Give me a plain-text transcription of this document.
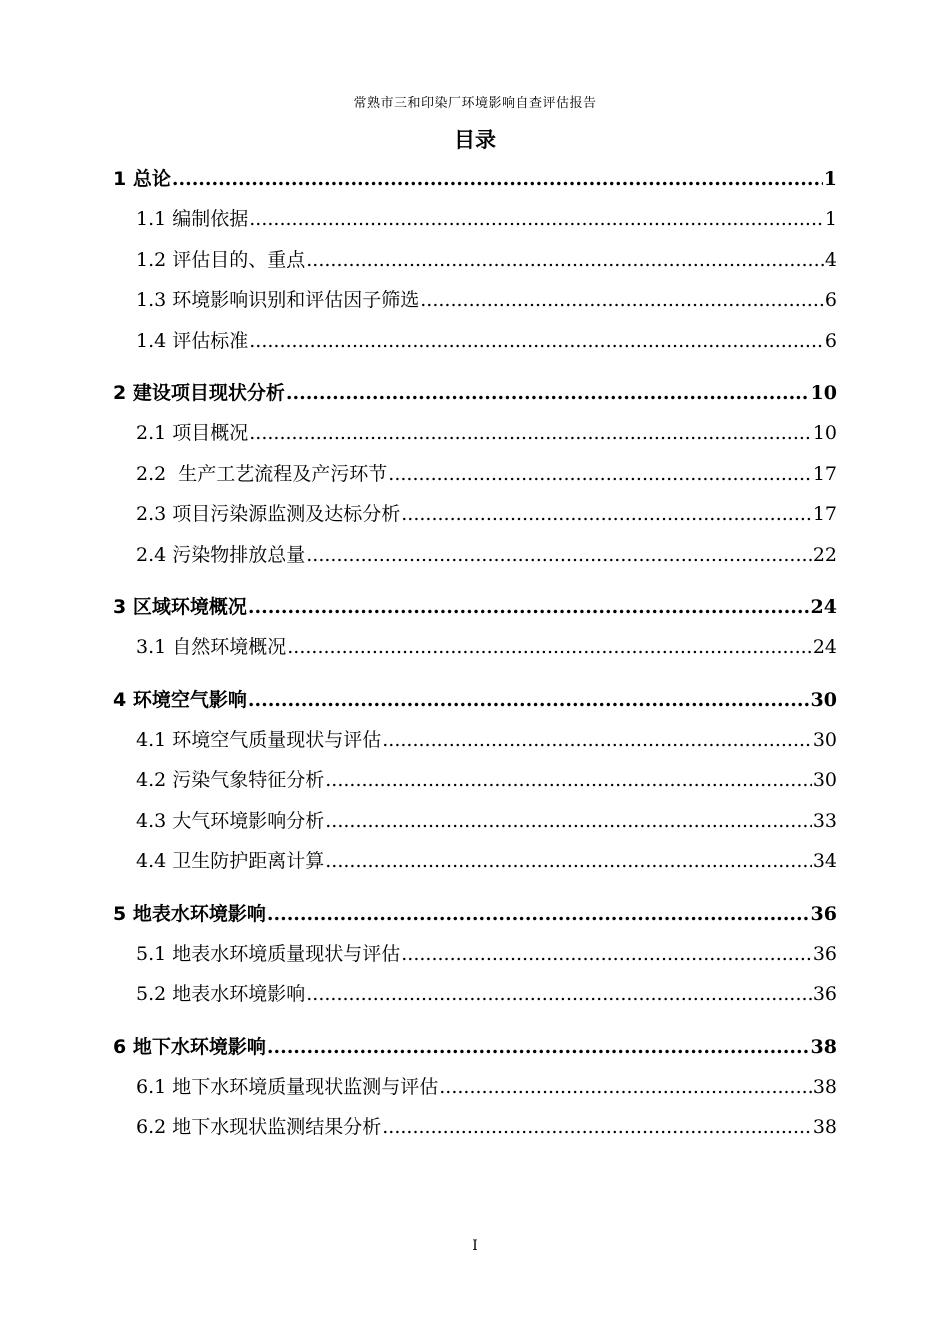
常熟市三和印染厂环境影响自查评估报告
目录
1 总论 .....	1
1.1 编制依据 .....	1
1.2 评估目的、重点 .....	4
1.3 环境影响识别和评估因子筛选 .....	6
1.4 评估标准 .....	6
2 建设项目现状分析 .....	10
2.1 项目概况 .....	10
2.2  生产工艺流程及产污环节 .....	17
2.3 项目污染源监测及达标分析 .....	17
2.4 污染物排放总量 .....	22
3 区域环境概况 .....	24
3.1 自然环境概况 .....	24
4 环境空气影响 .....	30
4.1 环境空气质量现状与评估 .....	30
4.2 污染气象特征分析 .....	30
4.3 大气环境影响分析 .....	33
4.4 卫生防护距离计算 .....	34
5 地表水环境影响 .....	36
5.1 地表水环境质量现状与评估 .....	36
5.2 地表水环境影响 .....	36
6 地下水环境影响 .....	38
6.1 地下水环境质量现状监测与评估 .....	38
6.2 地下水现状监测结果分析 .....	38
I
